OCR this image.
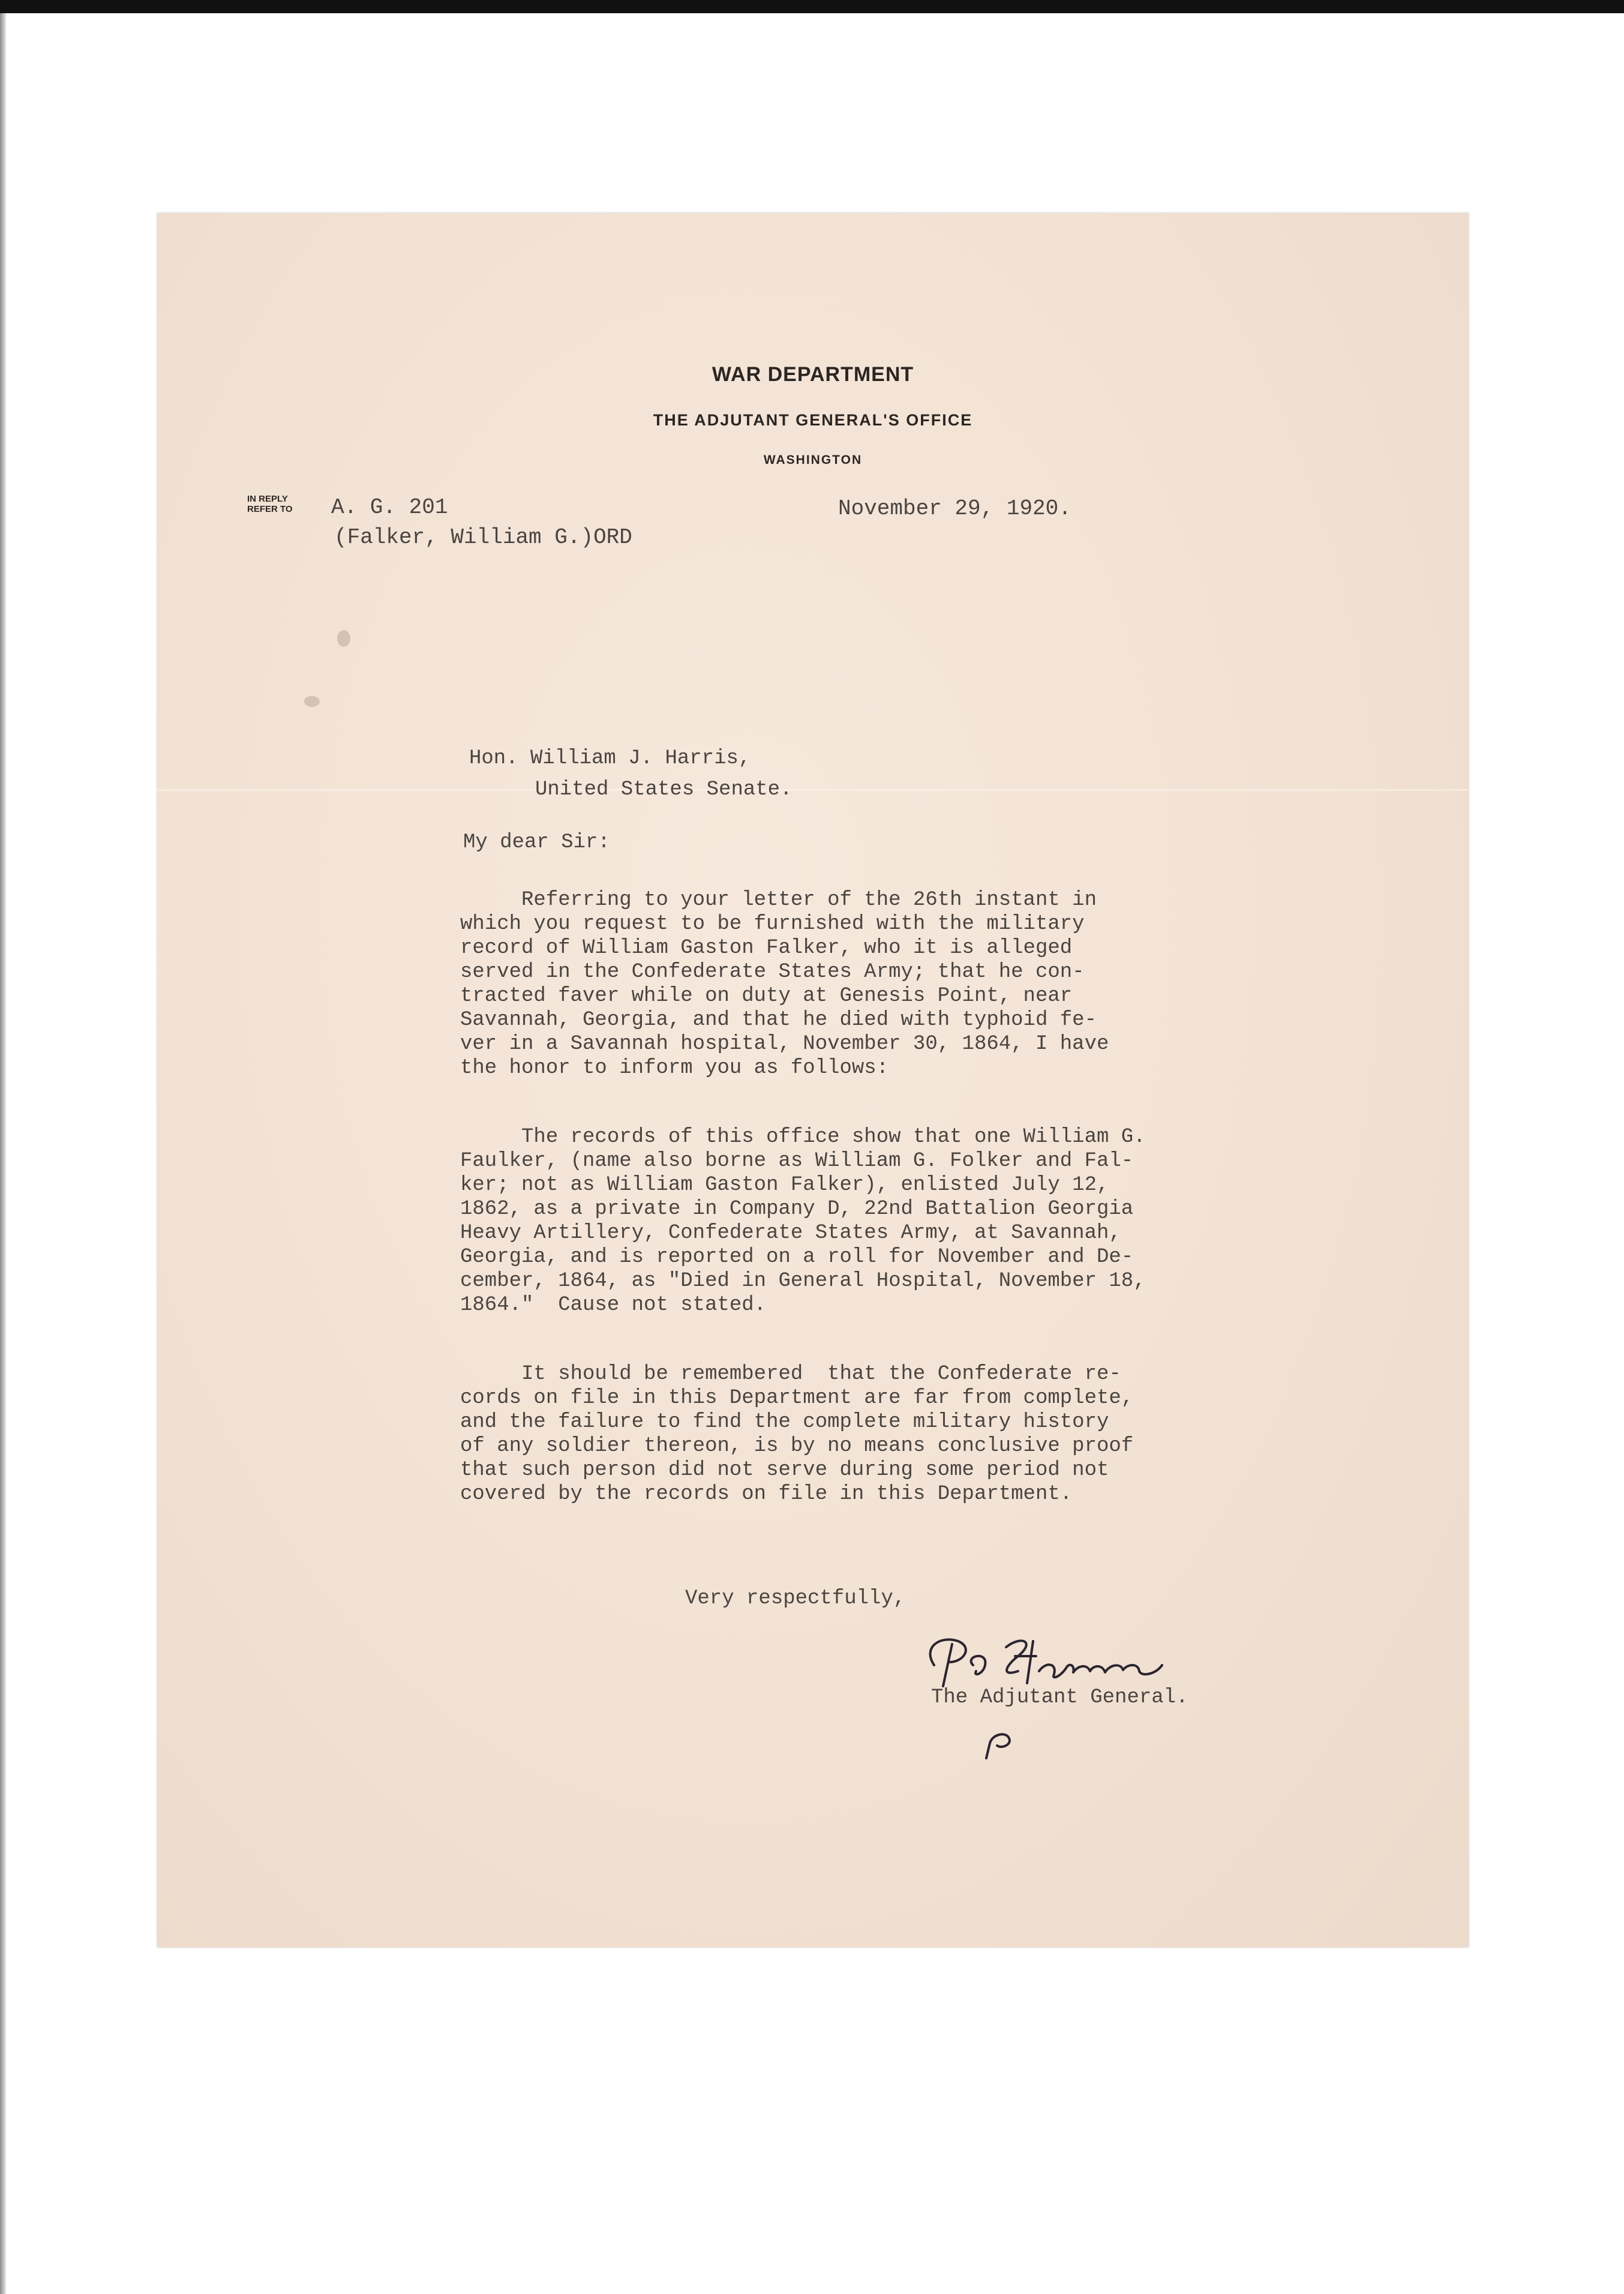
WAR DEPARTMENT
THE ADJUTANT GENERAL'S OFFICE
WASHINGTON
IN REPLY
REFER TO A. G. 201
(Falker, William G.)ORD
November 29, 1920.
Hon. William J. Harris,
United States Senate.
My dear Sir:
Referring to your letter of the 26th instant in
which you request to be furnished with the military
record of William Gaston Falker, who it is alleged
served in the Confederate States Army; that he con-
tracted faver while on duty at Genesis Point, near
Savannah, Georgia, and that he died with typhoid fe-
ver in a Savannah hospital, November 30, 1864, I have
the honor to inform you as follows:
The records of this office show that one William G.
Faulker, (name also borne as William G. Folker and Fal-
ker; not as William Gaston Falker), enlisted July 12,
1862, as a private in Company D, 22nd Battalion Georgia
Heavy Artillery, Confederate States Army, at Savannah,
Georgia, and is reported on a roll for November and De-
cember, 1864, as "Died in General Hospital, November 18,
1864."  Cause not stated.
It should be remembered  that the Confederate re-
cords on file in this Department are far from complete,
and the failure to find the complete military history
of any soldier thereon, is by no means conclusive proof
that such person did not serve during some period not
covered by the records on file in this Department.
Very respectfully,
The Adjutant General.
